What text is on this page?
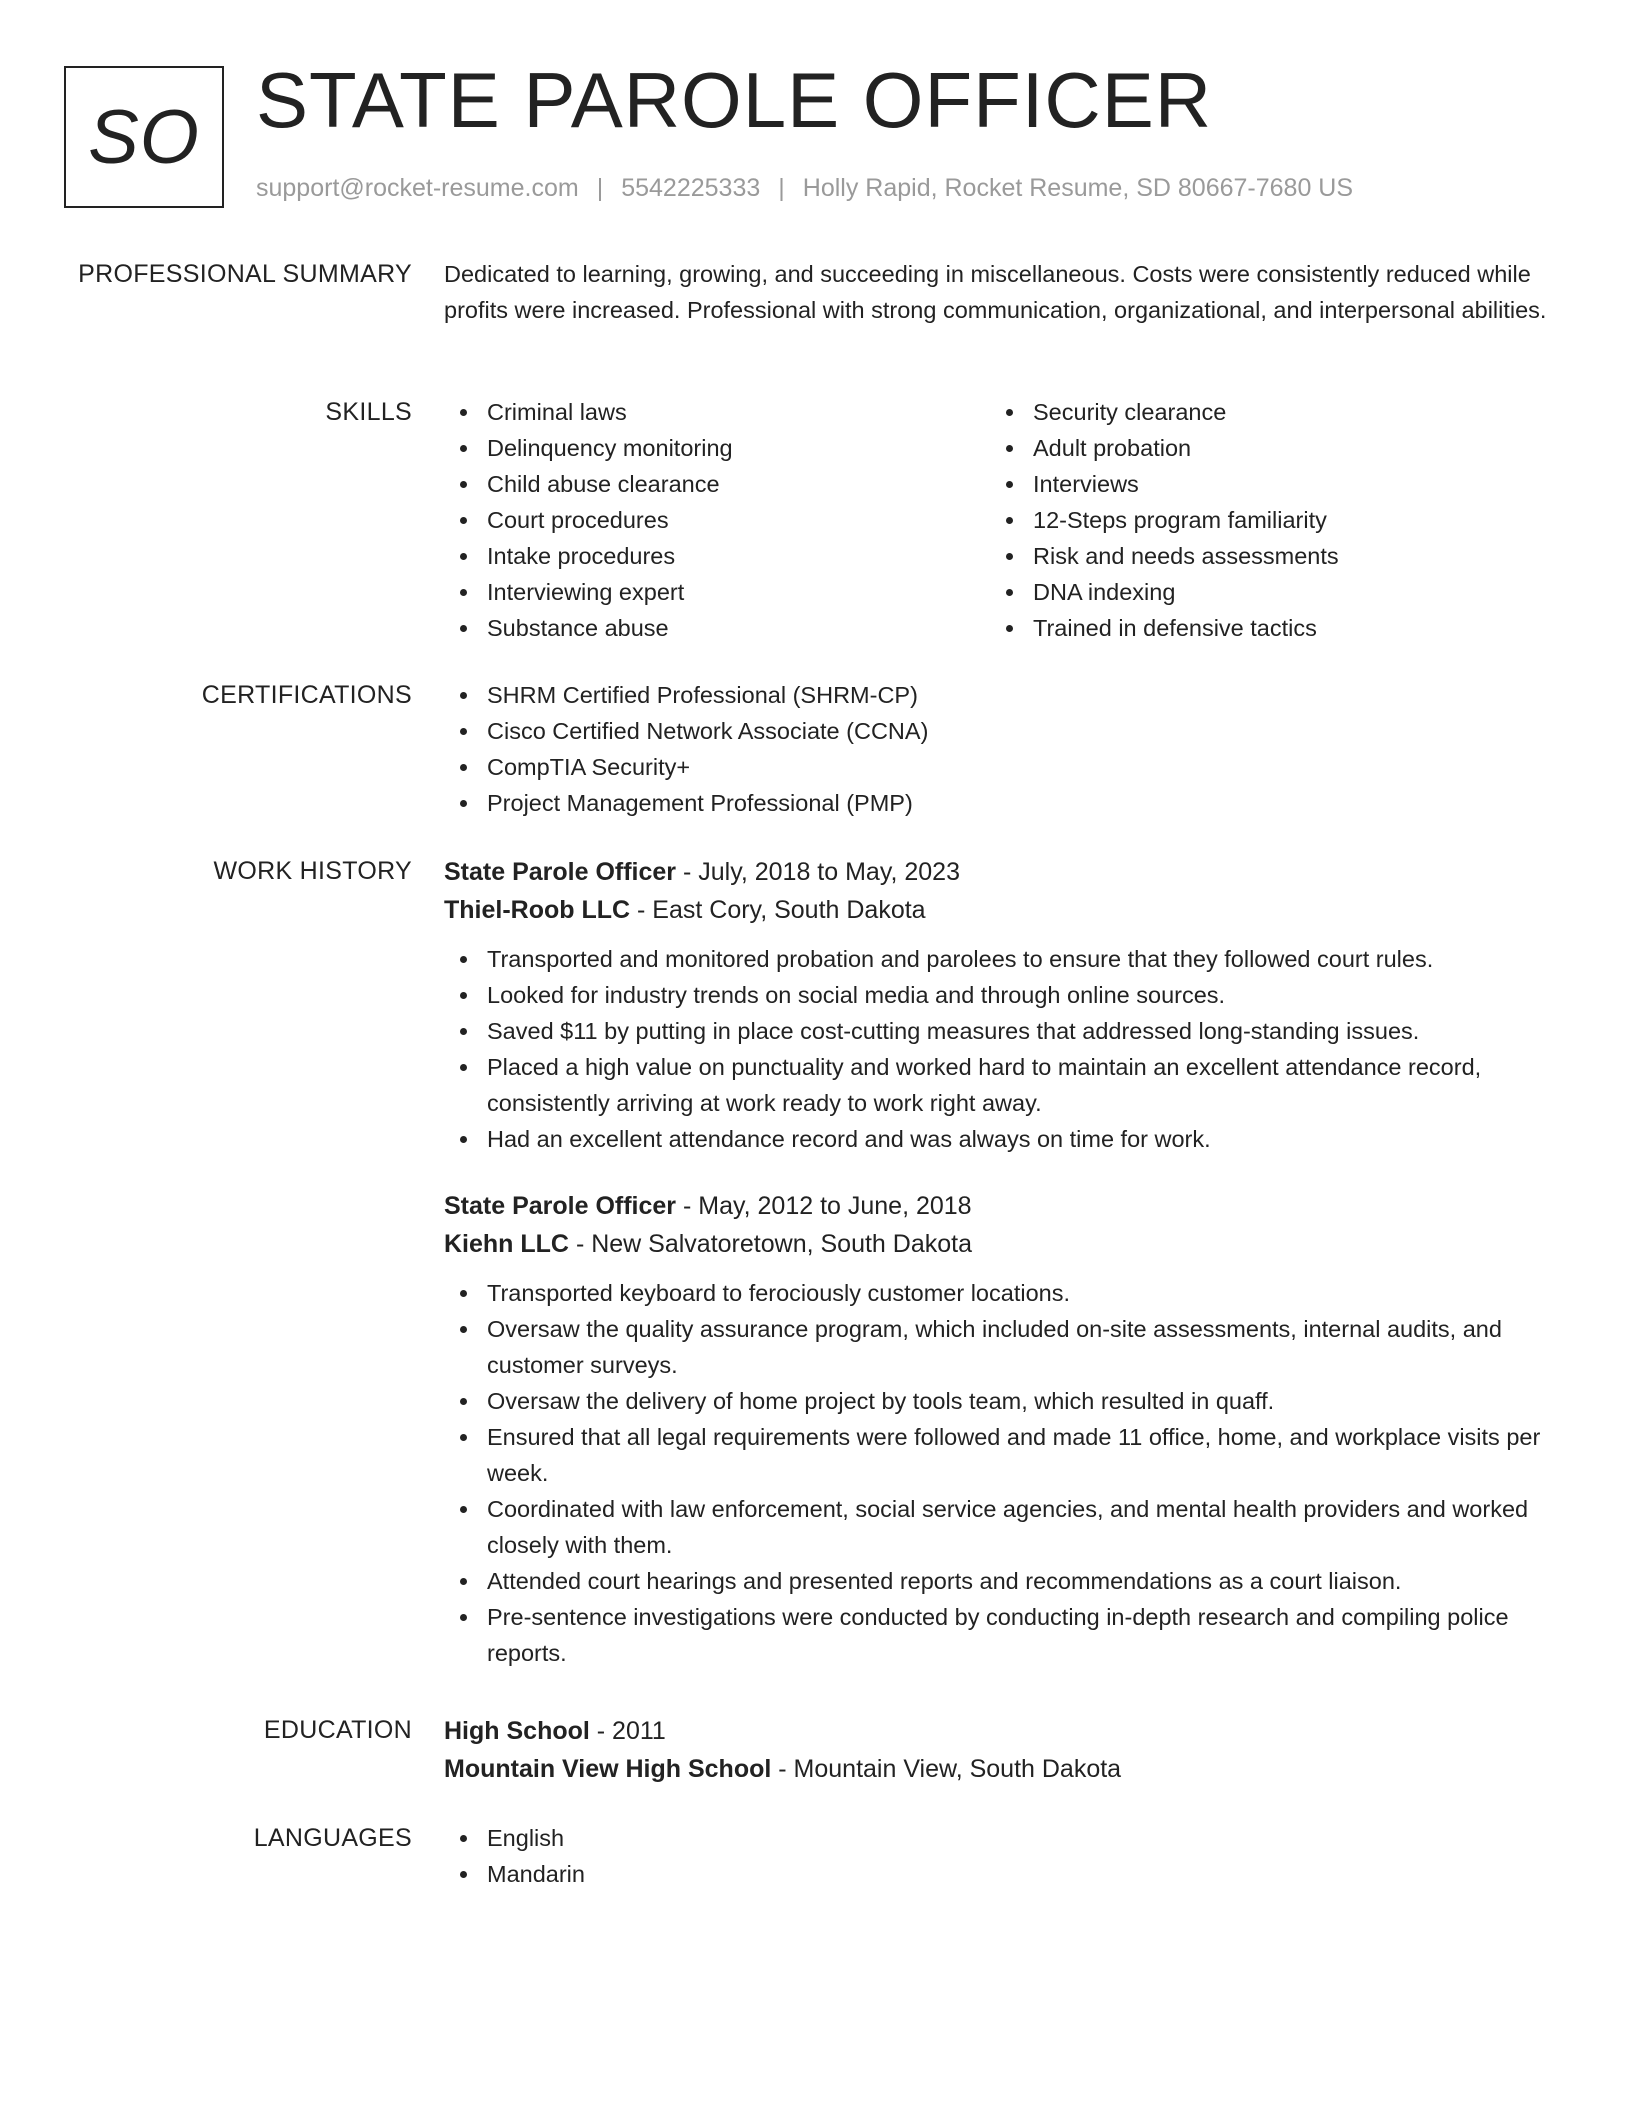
SO STATE PAROLE OFFICER
support@rocket-resume.com | 5542225333 | Holly Rapid, Rocket Resume, SD 80667-7680 US
PROFESSIONAL SUMMARY Dedicated to learning, growing, and succeeding in miscellaneous. Costs were consistently reduced while profits were increased. Professional with strong communication, organizational, and interpersonal abilities.
SKILLS	Criminal laws
Delinquency monitoring
Child abuse clearance
Court procedures
Intake procedures
Interviewing expert
Substance abuse
Security clearance
Adult probation
Interviews
12-Steps program familiarity
Risk and needs assessments
DNA indexing
Trained in defensive tactics
CERTIFICATIONS	SHRM Certified Professional (SHRM-CP)
Cisco Certified Network Associate (CCNA)
CompTIA Security+
Project Management Professional (PMP)
WORK HISTORY State Parole Officer - July, 2018 to May, 2023
Thiel-Roob LLC - East Cory, South Dakota
Transported and monitored probation and parolees to ensure that they followed court rules.
Looked for industry trends on social media and through online sources.
Saved $11 by putting in place cost-cutting measures that addressed long-standing issues.
Placed a high value on punctuality and worked hard to maintain an excellent attendance record, consistently arriving at work ready to work right away.
Had an excellent attendance record and was always on time for work.
State Parole Officer - May, 2012 to June, 2018
Kiehn LLC - New Salvatoretown, South Dakota
Transported keyboard to ferociously customer locations.
Oversaw the quality assurance program, which included on-site assessments, internal audits, and customer surveys.
Oversaw the delivery of home project by tools team, which resulted in quaff.
Ensured that all legal requirements were followed and made 11 office, home, and workplace visits per week.
Coordinated with law enforcement, social service agencies, and mental health providers and worked closely with them.
Attended court hearings and presented reports and recommendations as a court liaison.
Pre-sentence investigations were conducted by conducting in-depth research and compiling police reports.
EDUCATION High School - 2011
Mountain View High School - Mountain View, South Dakota
LANGUAGES	English
Mandarin
